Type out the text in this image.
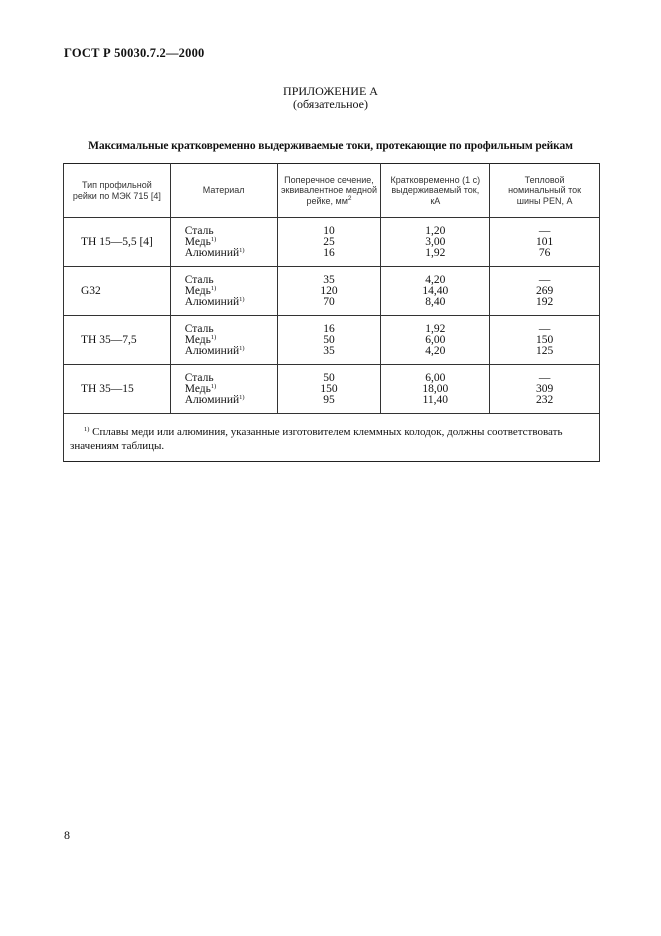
ГОСТ Р 50030.7.2—2000
ПРИЛОЖЕНИЕ А
(обязательное)
Максимальные кратковременно выдерживаемые токи, протекающие по профильным рейкам
Тип профильной
рейки по МЭК 715 [4]	Материал	Поперечное сечение,
эквивалентное медной
рейке, $мм^2$	Кратковременно (1 с)
выдерживаемый ток,
кА	Тепловой
номинальный ток
шины PEN, А
ТН 15—5,5 [4]	Сталь
Медь$^{1)}$
Алюминий$^{1)}$	10
25
16	1,20
3,00
1,92	—
101
76

G32	Сталь
Медь$^{1)}$
Алюминий$^{1)}$	35
120
70	4,20
14,40
8,40	—
269
192

ТН 35—7,5	Сталь
Медь$^{1)}$
Алюминий$^{1)}$	16
50
35	1,92
6,00
4,20	—
150
125

ТН 35—15	Сталь
Медь$^{1)}$
Алюминий$^{1)}$	50
150
95	6,00
18,00
11,40	—
309
232

$^{1)}$ Сплавы меди или алюминия, указанные изготовителем клеммных колодок, должны соответствовать значениям таблицы.				
8
